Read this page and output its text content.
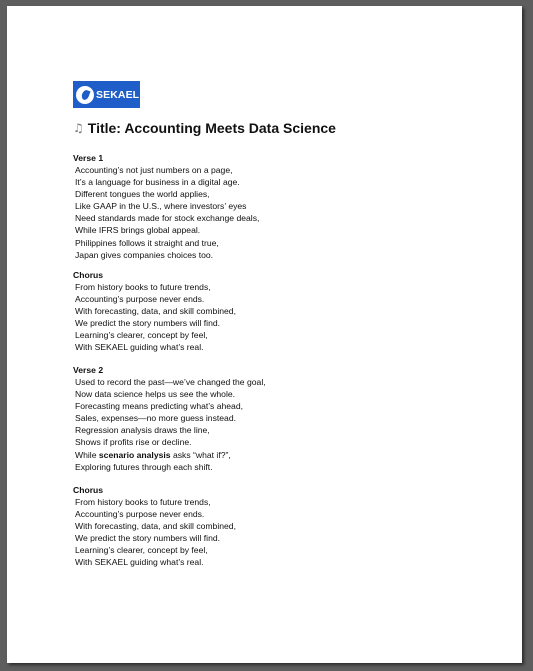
SEKAEL
♫ Title: Accounting Meets Data Science
Verse 1
Accounting’s not just numbers on a page,
It’s a language for business in a digital age.
Different tongues the world applies,
Like GAAP in the U.S., where investors’ eyes
Need standards made for stock exchange deals,
While IFRS brings global appeal.
Philippines follows it straight and true,
Japan gives companies choices too.
Chorus
From history books to future trends,
Accounting’s purpose never ends.
With forecasting, data, and skill combined,
We predict the story numbers will find.
Learning’s clearer, concept by feel,
With SEKAEL guiding what’s real.
Verse 2
Used to record the past—we’ve changed the goal,
Now data science helps us see the whole.
Forecasting means predicting what’s ahead,
Sales, expenses—no more guess instead.
Regression analysis draws the line,
Shows if profits rise or decline.
While scenario analysis asks “what if?”,
Exploring futures through each shift.
Chorus
From history books to future trends,
Accounting’s purpose never ends.
With forecasting, data, and skill combined,
We predict the story numbers will find.
Learning’s clearer, concept by feel,
With SEKAEL guiding what’s real.
